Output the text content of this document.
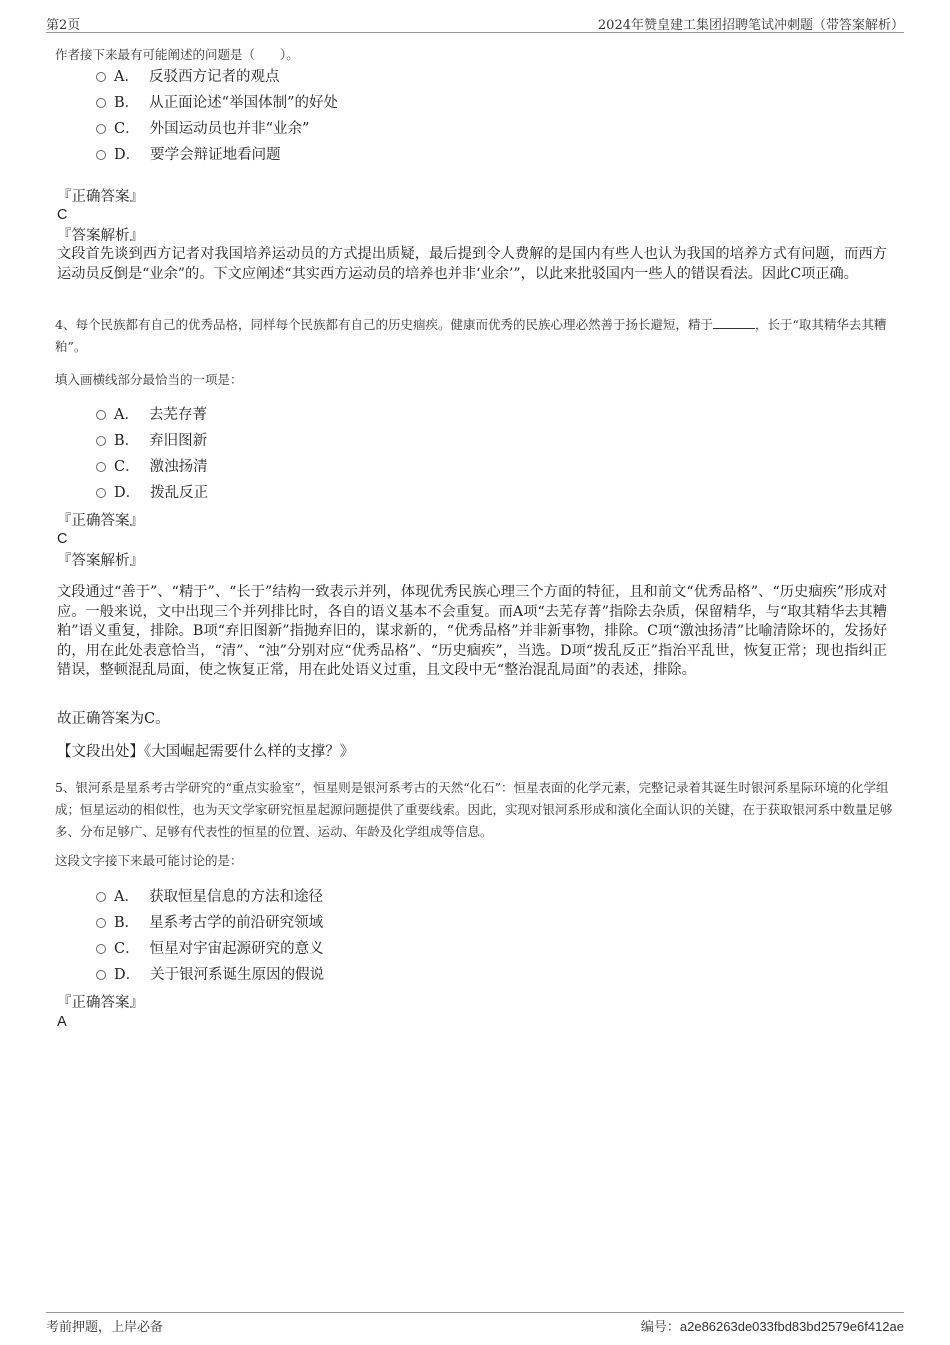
第2页	2024年赞皇建工集团招聘笔试冲刺题（带答案解析）
作者接下来最有可能阐述的问题是（　　）。
A． 反驳西方记者的观点
B． 从正面论述“举国体制”的好处
C． 外国运动员也并非“业余”
D． 要学会辩证地看问题
『正确答案』
C
『答案解析』
文段首先谈到西方记者对我国培养运动员的方式提出质疑，最后提到令人费解的是国内有些人也认为我国的培养方式有问题，而西方运动员反倒是“业余”的。下文应阐述“其实西方运动员的培养也并非‘业余’”，以此来批驳国内一些人的错误看法。因此C项正确。
4、每个民族都有自己的优秀品格，同样每个民族都有自己的历史痼疾。健康而优秀的民族心理必然善于扬长避短，精于	，长于“取其精华去其糟粕”。
填入画横线部分最恰当的一项是：
A． 去芜存菁
B． 弃旧图新
C． 激浊扬清
D． 拨乱反正
『正确答案』
C
『答案解析』
文段通过“善于”、“精于”、“长于”结构一致表示并列，体现优秀民族心理三个方面的特征，且和前文“优秀品格”、“历史痼疾”形成对应。一般来说，文中出现三个并列排比时，各自的语义基本不会重复。而A项“去芜存菁”指除去杂质，保留精华，与“取其精华去其糟粕”语义重复，排除。B项“弃旧图新”指抛弃旧的，谋求新的，“优秀品格”并非新事物，排除。C项“激浊扬清”比喻清除坏的，发扬好的，用在此处表意恰当，“清”、“浊”分别对应“优秀品格”、“历史痼疾”，当选。D项“拨乱反正”指治平乱世，恢复正常；现也指纠正错误，整顿混乱局面，使之恢复正常，用在此处语义过重，且文段中无“整治混乱局面”的表述，排除。
故正确答案为C。
【文段出处】《大国崛起需要什么样的支撑？》
5、银河系是星系考古学研究的“重点实验室”，恒星则是银河系考古的天然“化石”：恒星表面的化学元素，完整记录着其诞生时银河系星际环境的化学组成；恒星运动的相似性，也为天文学家研究恒星起源问题提供了重要线索。因此，实现对银河系形成和演化全面认识的关键，在于获取银河系中数量足够多、分布足够广、足够有代表性的恒星的位置、运动、年龄及化学组成等信息。
这段文字接下来最可能讨论的是：
A． 获取恒星信息的方法和途径
B． 星系考古学的前沿研究领域
C． 恒星对宇宙起源研究的意义
D． 关于银河系诞生原因的假说
『正确答案』
A
考前押题，上岸必备	编号：a2e86263de033fbd83bd2579e6f412ae
